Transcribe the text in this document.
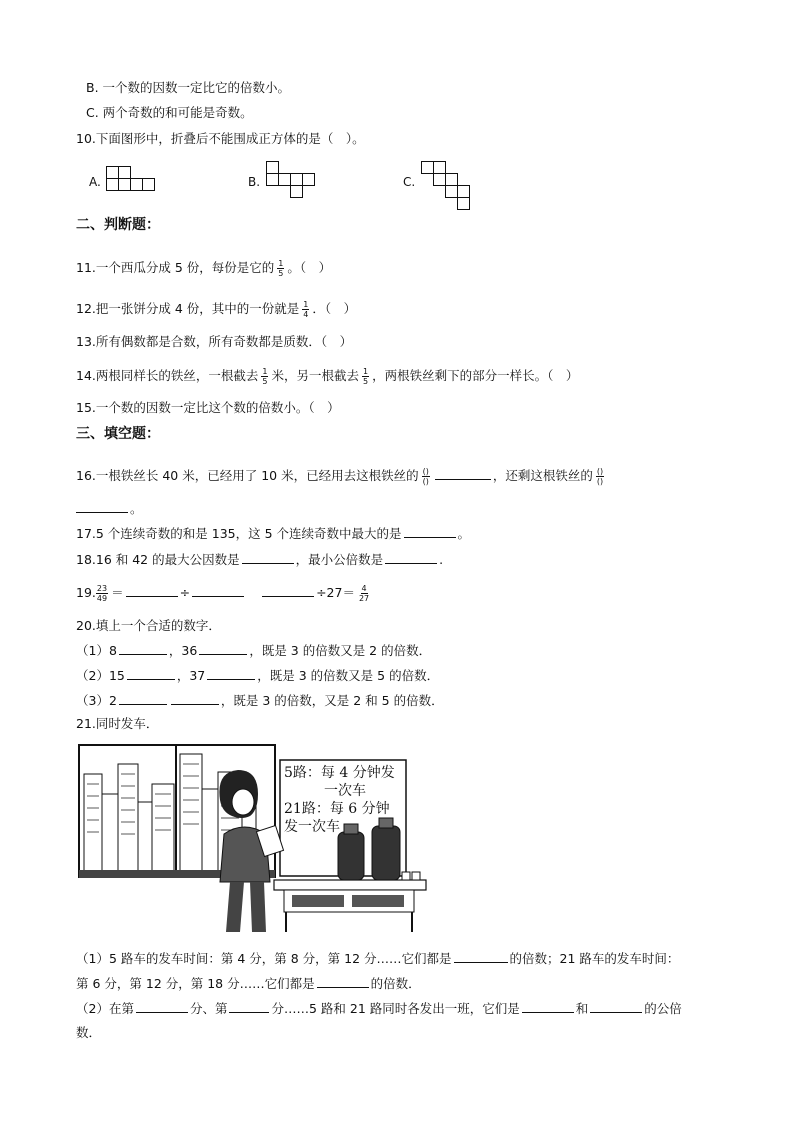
B. 一个数的因数一定比它的倍数小。
C. 两个奇数的和可能是奇数。
10.下面图形中，折叠后不能围成正方体的是（　）。
A.	B.	C.
二、判断题：
11.一个西瓜分成 5 份，每份是它的 $\frac{1}{5}$ 。（　）
12.把一张饼分成 4 份，其中的一份就是 $\frac{1}{4}$ ．（　）
13.所有偶数都是合数，所有奇数都是质数．（　）
14.两根同样长的铁丝，一根截去 $\frac{1}{5}$ 米，另一根截去 $\frac{1}{5}$ ，两根铁丝剩下的部分一样长。（　）
15.一个数的因数一定比这个数的倍数小。（　）
三、填空题：
16.一根铁丝长 40 米，已经用了 10 米，已经用去这根铁丝的 $\frac{()}{()}$	，还剩这根铁丝的 $\frac{()}{()}$
。
17.5 个连续奇数的和是 135，这 5 个连续奇数中最大的是	。
18.16 和 42 的最大公因数是	，最小公倍数是	.
19. $\frac{23}{49}$ ＝	÷	$\div 27= \frac{4}{27}$
20.填上一个合适的数字．
（1）8	，36	，既是 3 的倍数又是 2 的倍数．
（2）15	，37	，既是 3 的倍数又是 5 的倍数．
（3）2	，既是 3 的倍数，又是 2 和 5 的倍数．
21.同时发车．
5路：每 4 分钟发
一次车
21路：每 6 分钟
发一次车
（1）5 路车的发车时间：第 4 分，第 8 分，第 12 分……它们都是	的倍数；21 路车的发车时间：
第 6 分，第 12 分，第 18 分……它们都是	的倍数．
（2）在第	分、第	分……5 路和 21 路同时各发出一班，它们是	和	的公倍
数．
